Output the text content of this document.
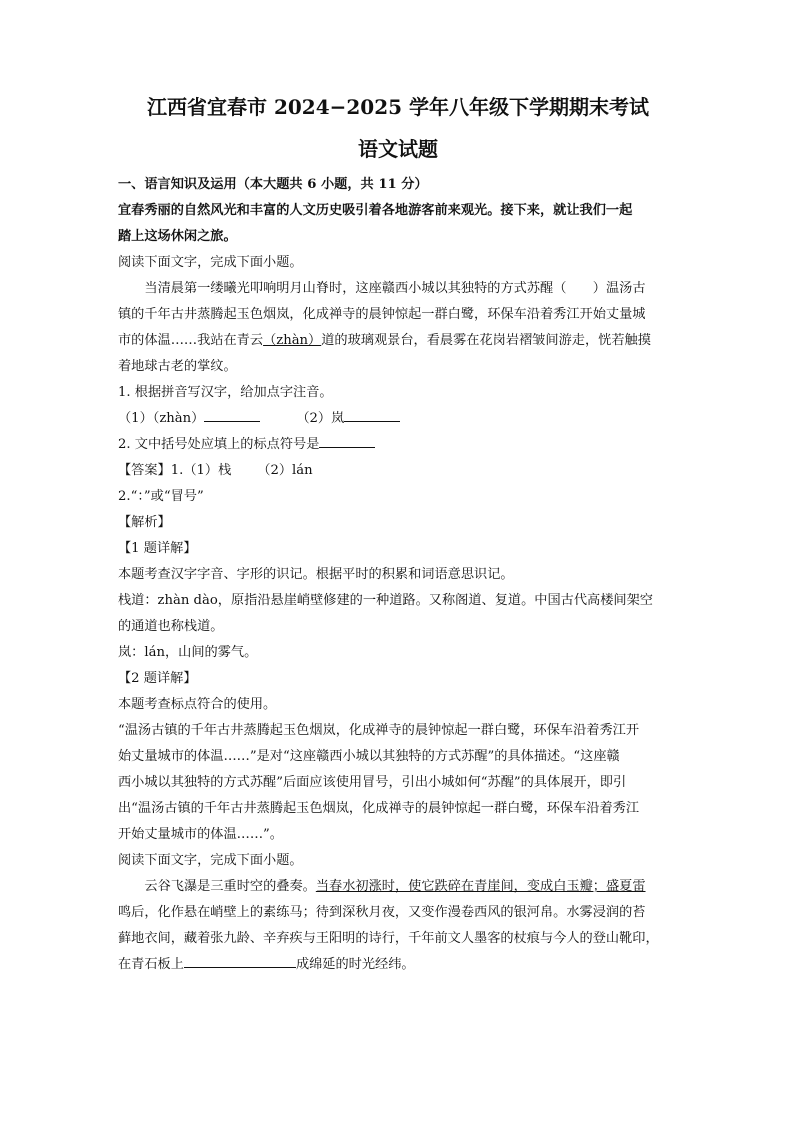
江西省宜春市 2024−2025 学年八年级下学期期末考试

语文试题

一、语言知识及运用（本大题共 6 小题，共 11 分）

宜春秀丽的自然风光和丰富的人文历史吸引着各地游客前来观光。接下来，就让我们一起

踏上这场休闲之旅。

阅读下面文字，完成下面小题。

当清晨第一缕曦光叩响明月山脊时，这座赣西小城以其独特的方式苏醒（　　）温汤古

镇的千年古井蒸腾起玉色烟岚，化成禅寺的晨钟惊起一群白鹭，环保车沿着秀江开始丈量城

市的体温……我站在青云（zhàn）道的玻璃观景台，看晨雾在花岗岩褶皱间游走，恍若触摸

着地球古老的掌纹。

1. 根据拼音写汉字，给加点字注音。

（1）（zhàn）	（2）岚

2. 文中括号处应填上的标点符号是

【答案】1.（1）栈 （2）lán

2.“：”或“冒号”

【解析】

【1 题详解】

本题考查汉字字音、字形的识记。根据平时的积累和词语意思识记。

栈道：zhàn dào，原指沿悬崖峭壁修建的一种道路。又称阁道、复道。中国古代高楼间架空

的通道也称栈道。

岚：lán，山间的雾气。

【2 题详解】

本题考查标点符合的使用。

“温汤古镇的千年古井蒸腾起玉色烟岚，化成禅寺的晨钟惊起一群白鹭，环保车沿着秀江开

始丈量城市的体温……”是对“这座赣西小城以其独特的方式苏醒”的具体描述。“这座赣

西小城以其独特的方式苏醒”后面应该使用冒号，引出小城如何“苏醒”的具体展开，即引

出“温汤古镇的千年古井蒸腾起玉色烟岚，化成禅寺的晨钟惊起一群白鹭，环保车沿着秀江

开始丈量城市的体温……”。

阅读下面文字，完成下面小题。

云谷飞瀑是三重时空的叠奏。当春水初涨时，使它跌碎在青崖间，变成白玉瓣；盛夏雷

鸣后，化作悬在峭壁上的素练马；待到深秋月夜，又变作漫卷西风的银河帛。水雾浸润的苔

藓地衣间，藏着张九龄、辛弃疾与王阳明的诗行，千年前文人墨客的杖痕与今人的登山靴印，

在青石板上	成绵延的时光经纬。
